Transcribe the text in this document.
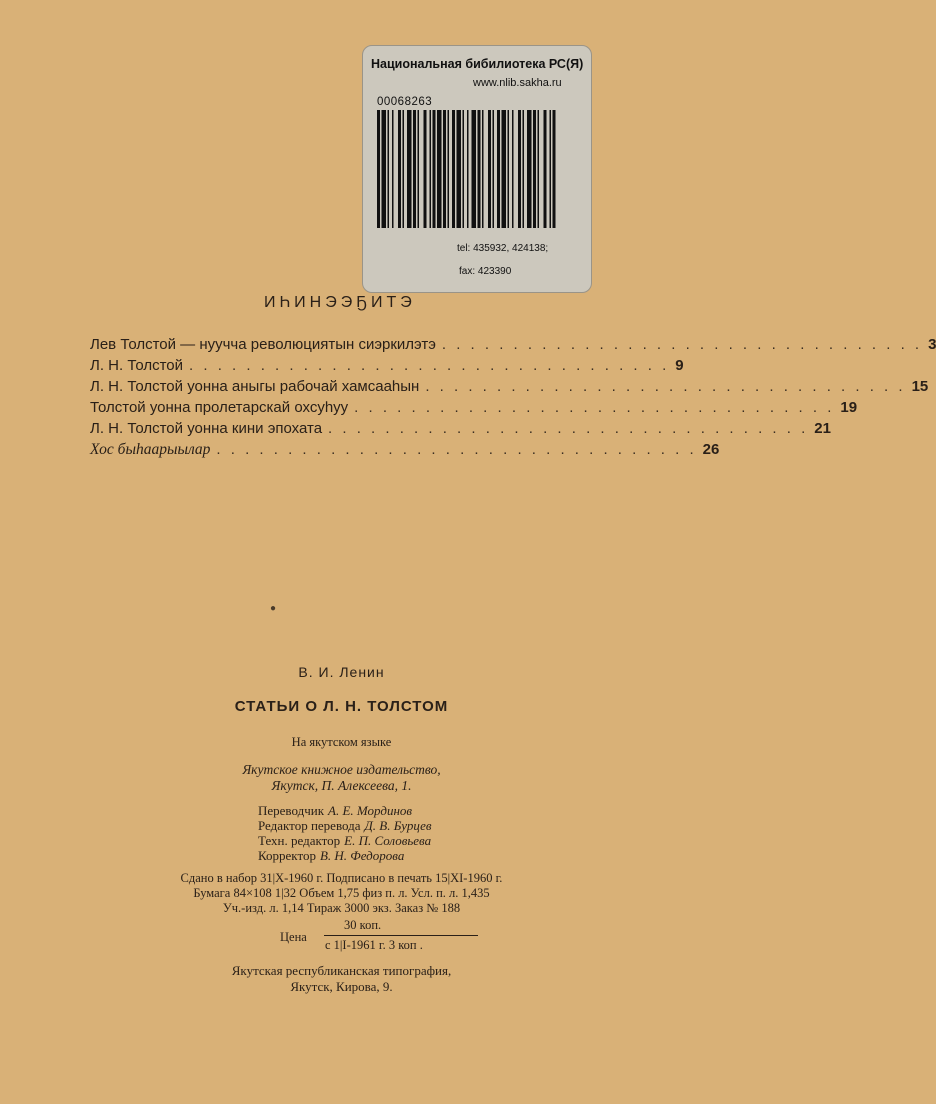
Национальная бибилиотека РС(Я)
www.nlib.sakha.ru
00068263
tel: 435932, 424138;
fax: 423390
ИҺИНЭЭҔИТЭ
Лев Толстой — нуучча революциятын сиэркилэтэ . . . . . . . . . . . . . . . . . . . . . . . . . . . . . . . . . . 3
Л. Н. Толстой . . . . . . . . . . . . . . . . . . . . . . . . . . . . . . . . . . 9
Л. Н. Толстой уонна аныгы рабочай хамсааһын . . . . . . . . . . . . . . . . . . . . . . . . . . . . . . . . . . 15
Толстой уонна пролетарскай охсуһуу . . . . . . . . . . . . . . . . . . . . . . . . . . . . . . . . . . 19
Л. Н. Толстой уонна кини эпохата . . . . . . . . . . . . . . . . . . . . . . . . . . . . . . . . . . 21
Хос быһаарыылар . . . . . . . . . . . . . . . . . . . . . . . . . . . . . . . . . . 26
●
В. И. Ленин
СТАТЬИ О Л. Н. ТОЛСТОМ
На якутском языке
Якутское книжное издательство,
Якутск, П. Алексеева, 1.
Переводчик А. Е. Мординов
Редактор перевода Д. В. Бурцев
Техн. редактор Е. П. Соловьева
Корректор В. Н. Федорова
Сдано в набор 31|X-1960 г. Подписано в печать 15|XI-1960 г.
Бумага 84×108 1|32 Объем 1,75 физ п. л. Усл. п. л. 1,435
Уч.-изд. л. 1,14 Тираж 3000 экз. Заказ № 188
Цена
30 коп.
с 1|I-1961 г. 3 коп .
Якутская республиканская типография,
Якутск, Кирова, 9.
